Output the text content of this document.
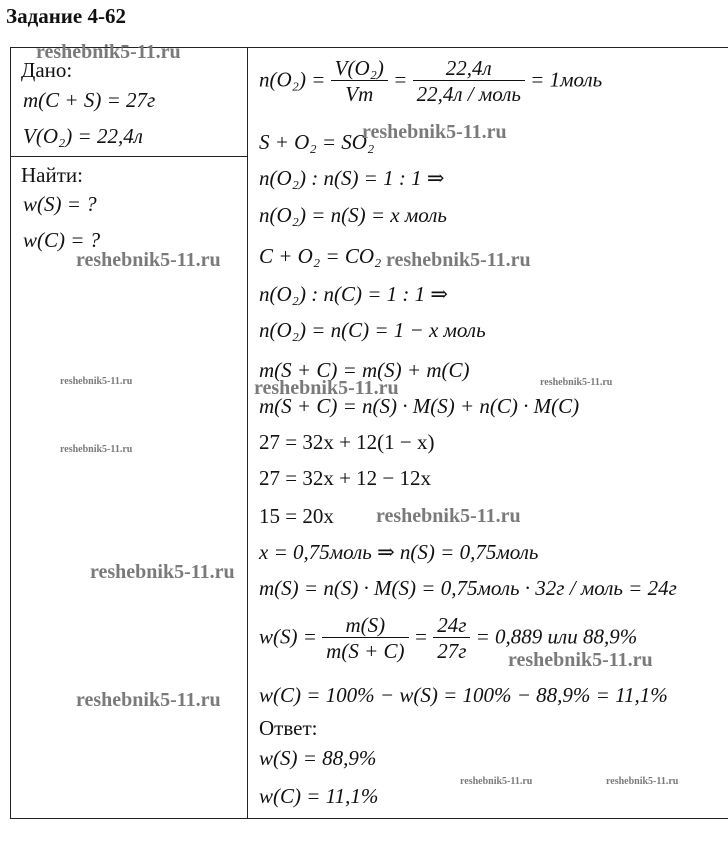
Задание 4-62
Дано:
m(C + S) = 27г
V(O₂) = 22,4л
Найти:
w(S) = ?
w(C) = ?
$n(O_2) = \frac{\text{V(O₂)}}{Vm} = \frac{22,4л}{\text{22,4л / моль}}$ = 1моль
S + O₂ = SO₂
n(O₂) : n(S) = 1 : 1 ⇒
n(O₂) = n(S) = x моль
C + O₂ = CO₂
n(O₂) : n(C) = 1 : 1 ⇒
n(O₂) = n(C) = 1 − x моль
m(S + C) = m(S) + m(C)
m(S + C) = n(S) · M(S) + n(C) · M(C)
27 = 32x + 12(1 − x)
27 = 32x + 12 − 12x
15 = 20x
x = 0,75моль ⇒ n(S) = 0,75моль
m(S) = n(S) · M(S) = 0,75моль · 32г / моль = 24г
$w(S) = \frac{m(S)}{m(S + C)} = \frac{24г}{27г} = 0,889$ или 88,9%
w(C) = 100% − w(S) = 100% − 88,9% = 11,1%
Ответ:
w(S) = 88,9%
w(C) = 11,1%
reshebnik5-11.ru
reshebnik5-11.ru
reshebnik5-11.ru	reshebnik5-11.ru
reshebnik5-11.ru	reshebnik5-11.ru	reshebnik5-11.ru
reshebnik5-11.ru
reshebnik5-11.ru
reshebnik5-11.ru
reshebnik5-11.ru
reshebnik5-11.ru
reshebnik5-11.ru	reshebnik5-11.ru
